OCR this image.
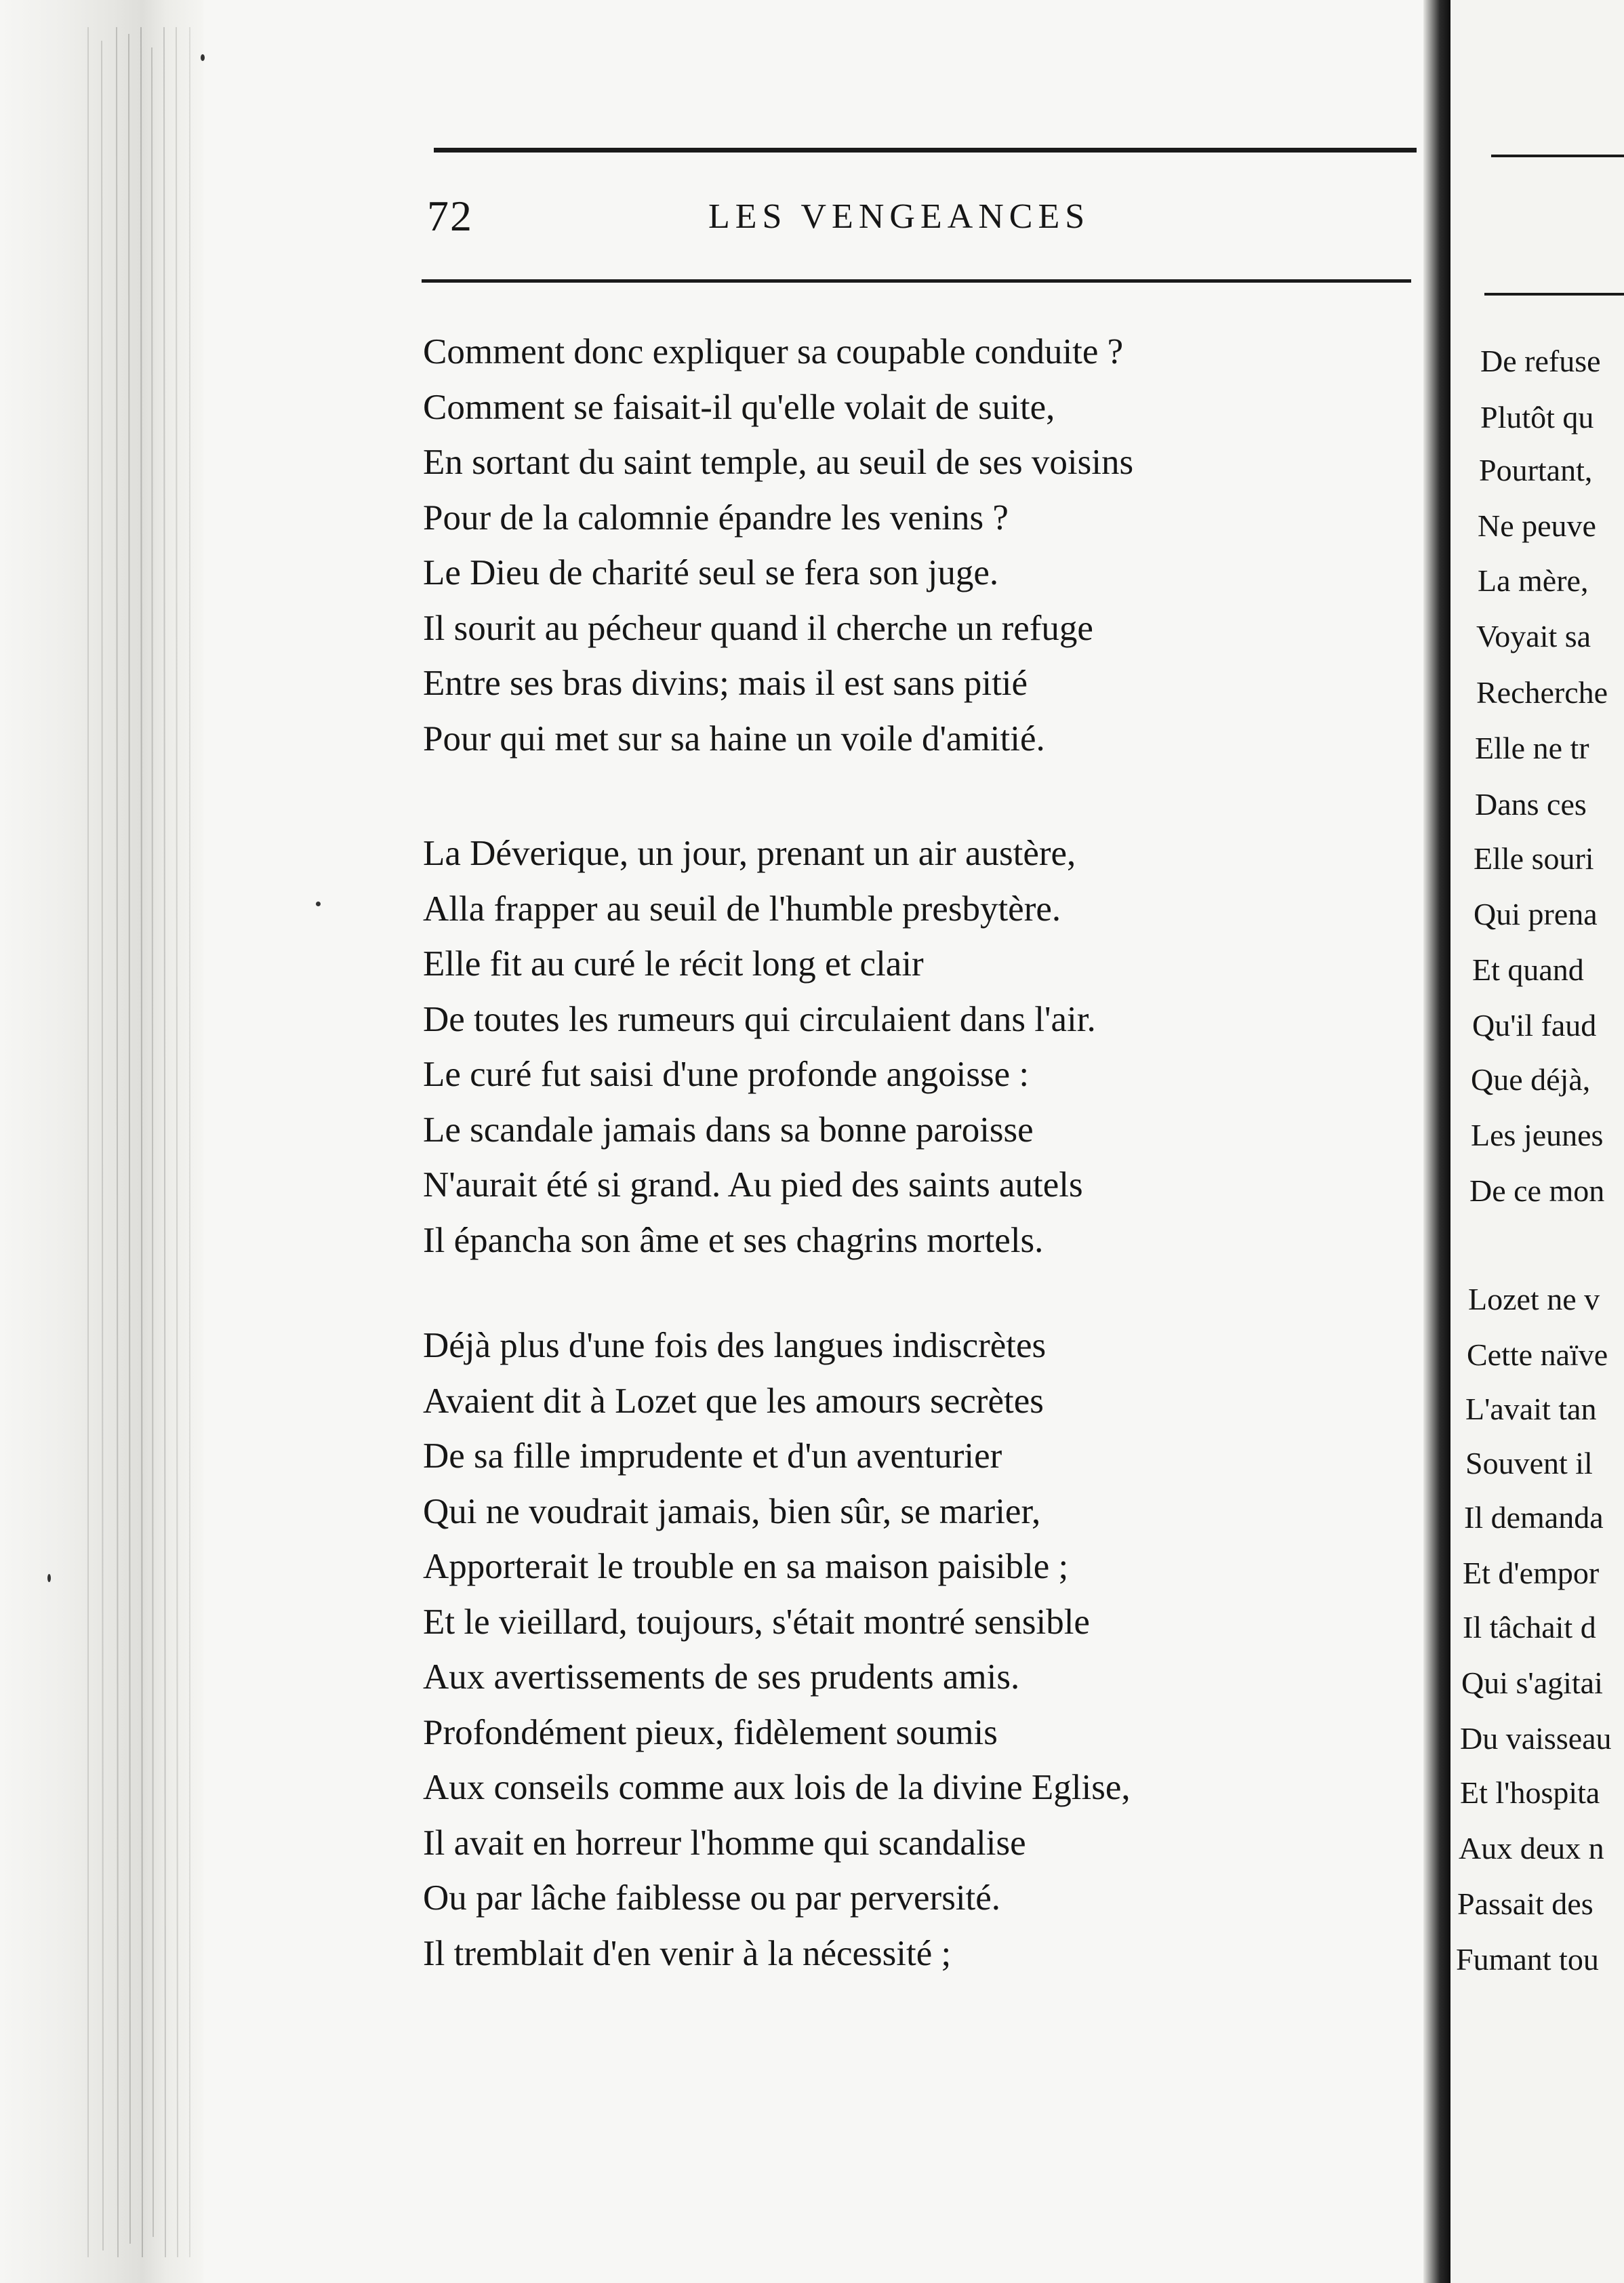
72	LES VENGEANCES
Comment donc expliquer sa coupable conduite ?
Comment se faisait-il qu'elle volait de suite,
En sortant du saint temple, au seuil de ses voisins
Pour de la calomnie épandre les venins ?
Le Dieu de charité seul se fera son juge.
Il sourit au pécheur quand il cherche un refuge
Entre ses bras divins; mais il est sans pitié
Pour qui met sur sa haine un voile d'amitié.
La Déverique, un jour, prenant un air austère,
Alla frapper au seuil de l'humble presbytère.
Elle fit au curé le récit long et clair
De toutes les rumeurs qui circulaient dans l'air.
Le curé fut saisi d'une profonde angoisse :
Le scandale jamais dans sa bonne paroisse
N'aurait été si grand. Au pied des saints autels
Il épancha son âme et ses chagrins mortels.
Déjà plus d'une fois des langues indiscrètes
Avaient dit à Lozet que les amours secrètes
De sa fille imprudente et d'un aventurier
Qui ne voudrait jamais, bien sûr, se marier,
Apporterait le trouble en sa maison paisible ;
Et le vieillard, toujours, s'était montré sensible
Aux avertissements de ses prudents amis.
Profondément pieux, fidèlement soumis
Aux conseils comme aux lois de la divine Eglise,
Il avait en horreur l'homme qui scandalise
Ou par lâche faiblesse ou par perversité.
Il tremblait d'en venir à la nécessité ;
De refuse
Plutôt qu
Pourtant,
Ne peuve
La mère,
Voyait sa
Recherche
Elle ne tr
Dans ces
Elle souri
Qui prena
Et quand
Qu'il faud
Que déjà,
Les jeunes
De ce mon
Lozet ne v
Cette naïve
L'avait tan
Souvent il
Il demanda
Et d'empor
Il tâchait d
Qui s'agitai
Du vaisseau
Et l'hospita
Aux deux n
Passait des
Fumant tou
